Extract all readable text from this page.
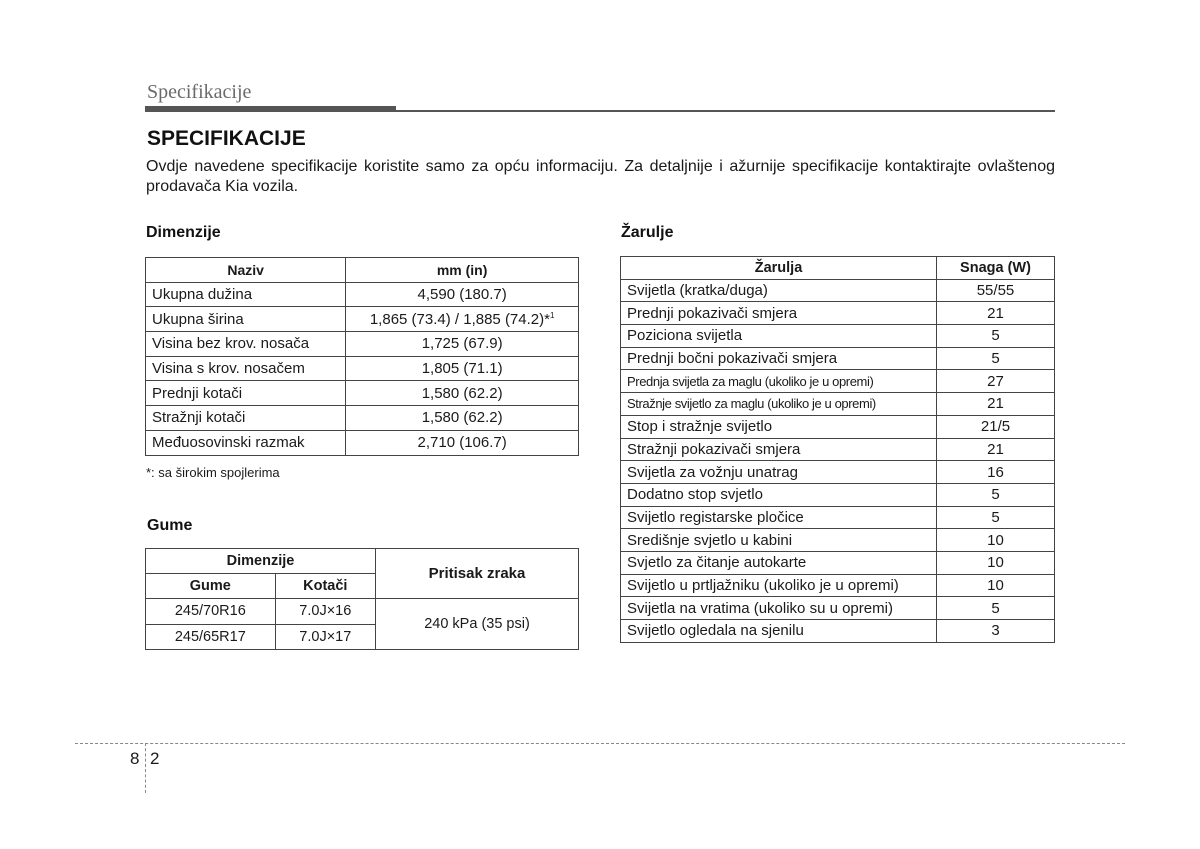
Specifikacije
SPECIFIKACIJE
Ovdje navedene specifikacije koristite samo za opću informaciju. Za detaljnije i ažurnije specifikacije kontaktirajte ovlaštenog prodavača Kia vozila.
Dimenzije
Naziv	mm (in)
Ukupna dužina	4,590 (180.7)
Ukupna širina	1,865 (73.4) / 1,885 (74.2)*$^1$
Visina bez krov. nosača	1,725 (67.9)
Visina s krov. nosačem	1,805 (71.1)
Prednji kotači	1,580 (62.2)
Stražnji kotači	1,580 (62.2)
Međuosovinski razmak	2,710 (106.7)
*: sa širokim spojlerima
Gume
Dimenzije		Pritisak zraka
Gume	Kotači	
245/70R16	7.0J×16	240 kPa (35 psi)
245/65R17	7.0J×17	
Žarulje
Žarulja	Snaga (W)
Svijetla (kratka/duga)	55/55
Prednji pokazivači smjera	21
Poziciona svijetla	5
Prednji bočni pokazivači smjera	5
Prednja svijetla za maglu (ukoliko je u opremi)	27
Stražnje svijetlo za maglu (ukoliko je u opremi)	21
Stop i stražnje svijetlo	21/5
Stražnji pokazivači smjera	21
Svijetla za vožnju unatrag	16
Dodatno stop svjetlo	5
Svijetlo registarske pločice	5
Središnje svjetlo u kabini	10
Svjetlo za čitanje autokarte	10
Svijetlo u prtljažniku (ukoliko je u opremi)	10
Svijetla na vratima (ukoliko su u opremi)	5
Svijetlo ogledala na sjenilu	3
8 2
